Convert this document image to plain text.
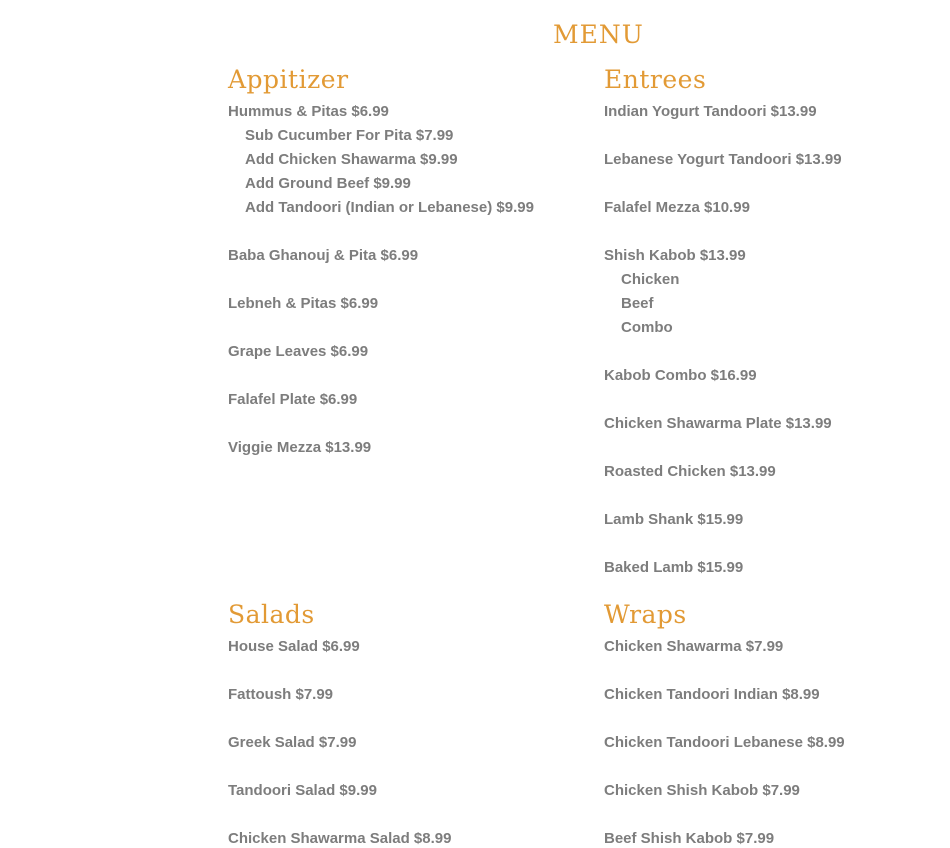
MENU
Appitizer
Hummus & Pitas $6.99
Sub Cucumber For Pita $7.99
Add Chicken Shawarma $9.99
Add Ground Beef $9.99
Add Tandoori (Indian or Lebanese) $9.99
Baba Ghanouj & Pita $6.99
Lebneh & Pitas $6.99
Grape Leaves $6.99
Falafel Plate $6.99
Viggie Mezza $13.99
Entrees
Indian Yogurt Tandoori $13.99
Lebanese Yogurt Tandoori $13.99
Falafel Mezza $10.99
Shish Kabob $13.99
Chicken
Beef
Combo
Kabob Combo $16.99
Chicken Shawarma Plate $13.99
Roasted Chicken $13.99
Lamb Shank $15.99
Baked Lamb $15.99
Salads
House Salad $6.99
Fattoush $7.99
Greek Salad $7.99
Tandoori Salad $9.99
Chicken Shawarma Salad $8.99
Wraps
Chicken Shawarma $7.99
Chicken Tandoori Indian $8.99
Chicken Tandoori Lebanese $8.99
Chicken Shish Kabob $7.99
Beef Shish Kabob $7.99
